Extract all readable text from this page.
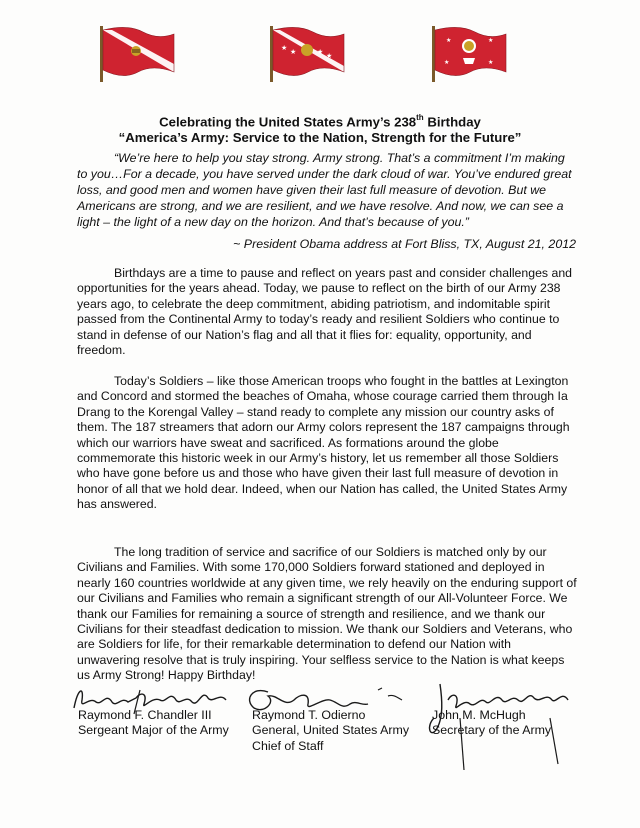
★	★ ★
★
★	★
★	★
Celebrating the United States Army’s 238th Birthday
“America’s Army: Service to the Nation, Strength for the Future”

“We’re here to help you stay strong. Army strong. That’s a commitment I’m making to you…For a decade, you have served under the dark cloud of war. You’ve endured great loss, and good men and women have given their last full measure of devotion. But we Americans are strong, and we are resilient, and we have resolve. And now, we can see a light – the light of a new day on the horizon. And that’s because of you.”

~ President Obama address at Fort Bliss, TX, August 21, 2012

Birthdays are a time to pause and reflect on years past and consider challenges and opportunities for the years ahead. Today, we pause to reflect on the birth of our Army 238 years ago, to celebrate the deep commitment, abiding patriotism, and indomitable spirit passed from the Continental Army to today’s ready and resilient Soldiers who continue to stand in defense of our Nation’s flag and all that it flies for: equality, opportunity, and freedom.

Today’s Soldiers – like those American troops who fought in the battles at Lexington and Concord and stormed the beaches of Omaha, whose courage carried them through Ia Drang to the Korengal Valley – stand ready to complete any mission our country asks of them. The 187 streamers that adorn our Army colors represent the 187 campaigns through which our warriors have sweat and sacrificed. As formations around the globe commemorate this historic week in our Army’s history, let us remember all those Soldiers who have gone before us and those who have given their last full measure of devotion in honor of all that we hold dear. Indeed, when our Nation has called, the United States Army has answered.

The long tradition of service and sacrifice of our Soldiers is matched only by our Civilians and Families. With some 170,000 Soldiers forward stationed and deployed in nearly 160 countries worldwide at any given time, we rely heavily on the enduring support of our Civilians and Families who remain a significant strength of our All-Volunteer Force. We thank our Families for remaining a source of strength and resilience, and we thank our Civilians for their steadfast dedication to mission. We thank our Soldiers and Veterans, who are Soldiers for life, for their remarkable determination to defend our Nation with unwavering resolve that is truly inspiring. Your selfless service to the Nation is what keeps us Army Strong! Happy Birthday!

Raymond F. Chandler III
Sergeant Major of the Army
Raymond T. Odierno
General, United States Army
Chief of Staff
John M. McHugh
Secretary of the Army
